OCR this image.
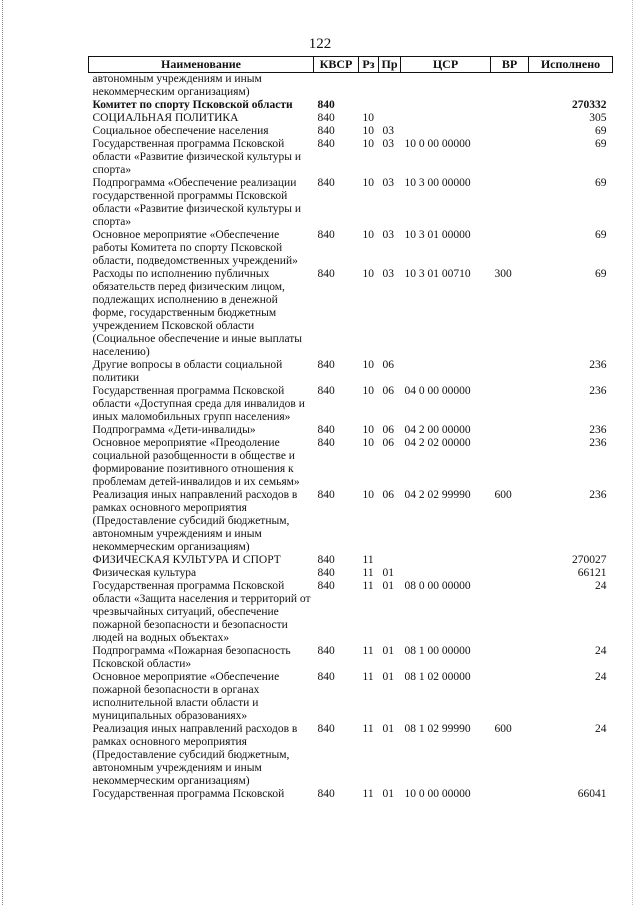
122
Наименование	КВСР	Рз	Пр	ЦСР	ВР	Исполнено
автономным учреждениям и иным некоммерческим организациям)						
Комитет по спорту Псковской области	840					270332
СОЦИАЛЬНАЯ ПОЛИТИКА	840	10				305
Социальное обеспечение населения	840	10	03			69
Государственная программа Псковской области «Развитие физической культуры и спорта»	840	10	03	10 0 00 00000		69
Подпрограмма «Обеспечение реализации государственной программы Псковской области «Развитие физической культуры и спорта»	840	10	03	10 3 00 00000		69
Основное мероприятие «Обеспечение работы Комитета по спорту Псковской области, подведомственных учреждений»	840	10	03	10 3 01 00000		69
Расходы по исполнению публичных обязательств перед физическим лицом, подлежащих исполнению в денежной форме, государственным бюджетным учреждением Псковской области (Социальное обеспечение и иные выплаты населению)	840	10	03	10 3 01 00710	300	69
Другие вопросы в области социальной политики	840	10	06			236
Государственная программа Псковской области «Доступная среда для инвалидов и иных маломобильных групп населения»	840	10	06	04 0 00 00000		236
Подпрограмма «Дети-инвалиды»	840	10	06	04 2 00 00000		236
Основное мероприятие «Преодоление социальной разобщенности в обществе и формирование позитивного отношения к проблемам детей-инвалидов и их семьям»	840	10	06	04 2 02 00000		236
Реализация иных направлений расходов в рамках основного мероприятия (Предоставление субсидий бюджетным, автономным учреждениям и иным некоммерческим организациям)	840	10	06	04 2 02 99990	600	236
ФИЗИЧЕСКАЯ КУЛЬТУРА И СПОРТ	840	11				270027
Физическая культура	840	11	01			66121
Государственная программа Псковской области «Защита населения и территорий от чрезвычайных ситуаций, обеспечение пожарной безопасности и безопасности людей на водных объектах»	840	11	01	08 0 00 00000		24
Подпрограмма «Пожарная безопасность Псковской области»	840	11	01	08 1 00 00000		24
Основное мероприятие «Обеспечение пожарной безопасности в органах исполнительной власти области и муниципальных образованиях»	840	11	01	08 1 02 00000		24
Реализация иных направлений расходов в рамках основного мероприятия (Предоставление субсидий бюджетным, автономным учреждениям и иным некоммерческим организациям)	840	11	01	08 1 02 99990	600	24
Государственная программа Псковской	840	11	01	10 0 00 00000		66041
